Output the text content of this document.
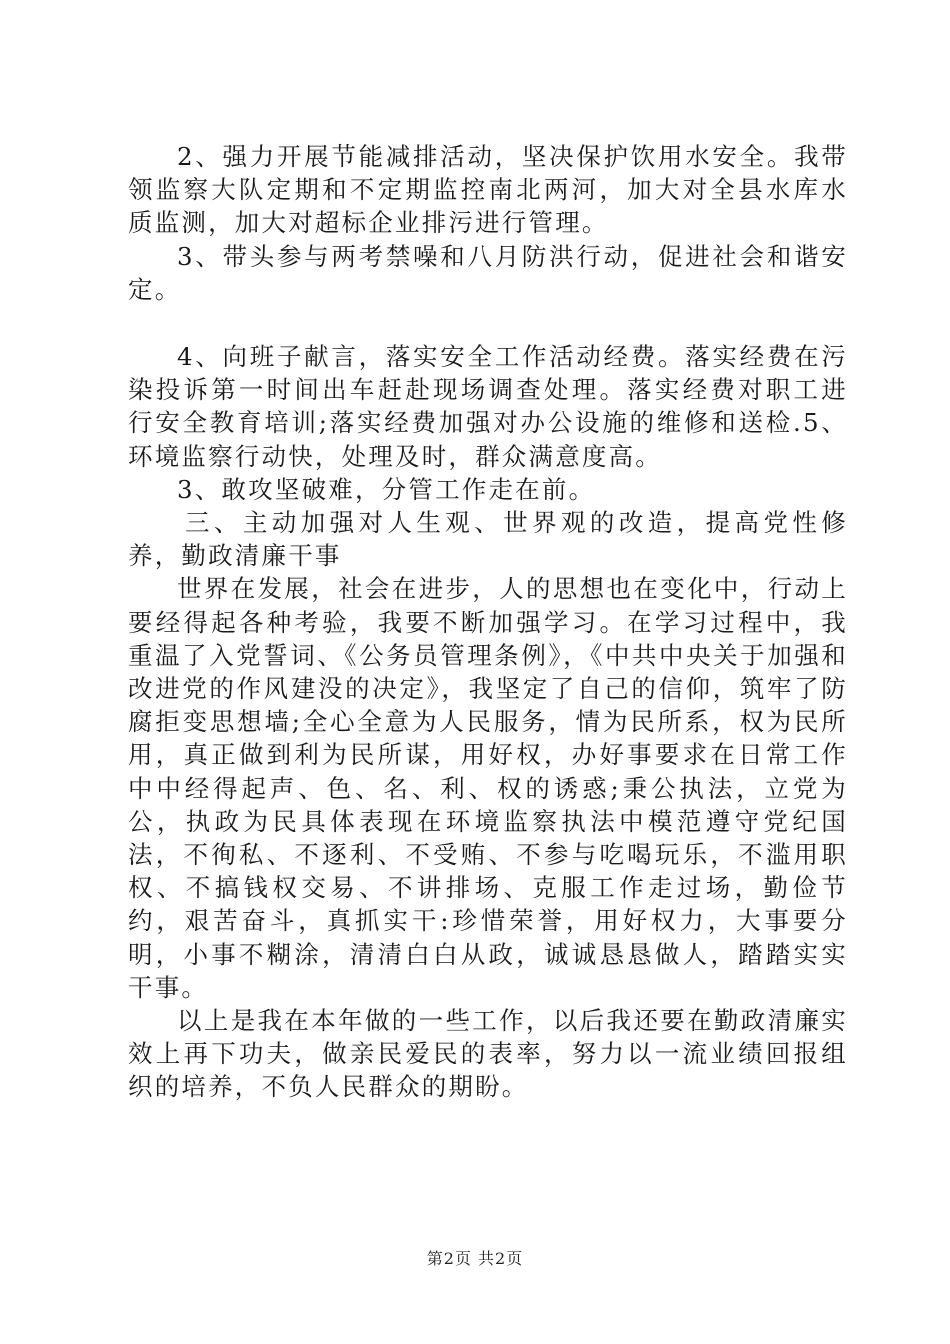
2、强力开展节能减排活动，坚决保护饮用水安全。我带领监察大队定期和不定期监控南北两河，加大对全县水库水质监测，加大对超标企业排污进行管理。

3、带头参与两考禁噪和八月防洪行动，促进社会和谐安定。

4、向班子献言，落实安全工作活动经费。落实经费在污染投诉第一时间出车赶赴现场调查处理。落实经费对职工进行安全教育培训;落实经费加强对办公设施的维修和送检.5、环境监察行动快，处理及时，群众满意度高。

3、敢攻坚破难，分管工作走在前。

三、主动加强对人生观、世界观的改造，提高党性修养，勤政清廉干事

世界在发展，社会在进步，人的思想也在变化中，行动上要经得起各种考验，我要不断加强学习。在学习过程中，我重温了入党誓词、《公务员管理条例》，《中共中央关于加强和改进党的作风建没的决定》，我坚定了自己的信仰，筑牢了防腐拒变思想墙;全心全意为人民服务，情为民所系，权为民所用，真正做到利为民所谋，用好权，办好事要求在日常工作中中经得起声、色、名、利、权的诱惑;秉公执法，立党为公，执政为民具体表现在环境监察执法中模范遵守党纪国法，不徇私、不逐利、不受贿、不参与吃喝玩乐，不滥用职权、不搞钱权交易、不讲排场、克服工作走过场，勤俭节约，艰苦奋斗，真抓实干:珍惜荣誉，用好权力，大事要分明，小事不糊涂，清清白白从政，诚诚恳恳做人，踏踏实实干事。

以上是我在本年做的一些工作，以后我还要在勤政清廉实效上再下功夫，做亲民爱民的表率，努力以一流业绩回报组织的培养，不负人民群众的期盼。

第2页 共2页
